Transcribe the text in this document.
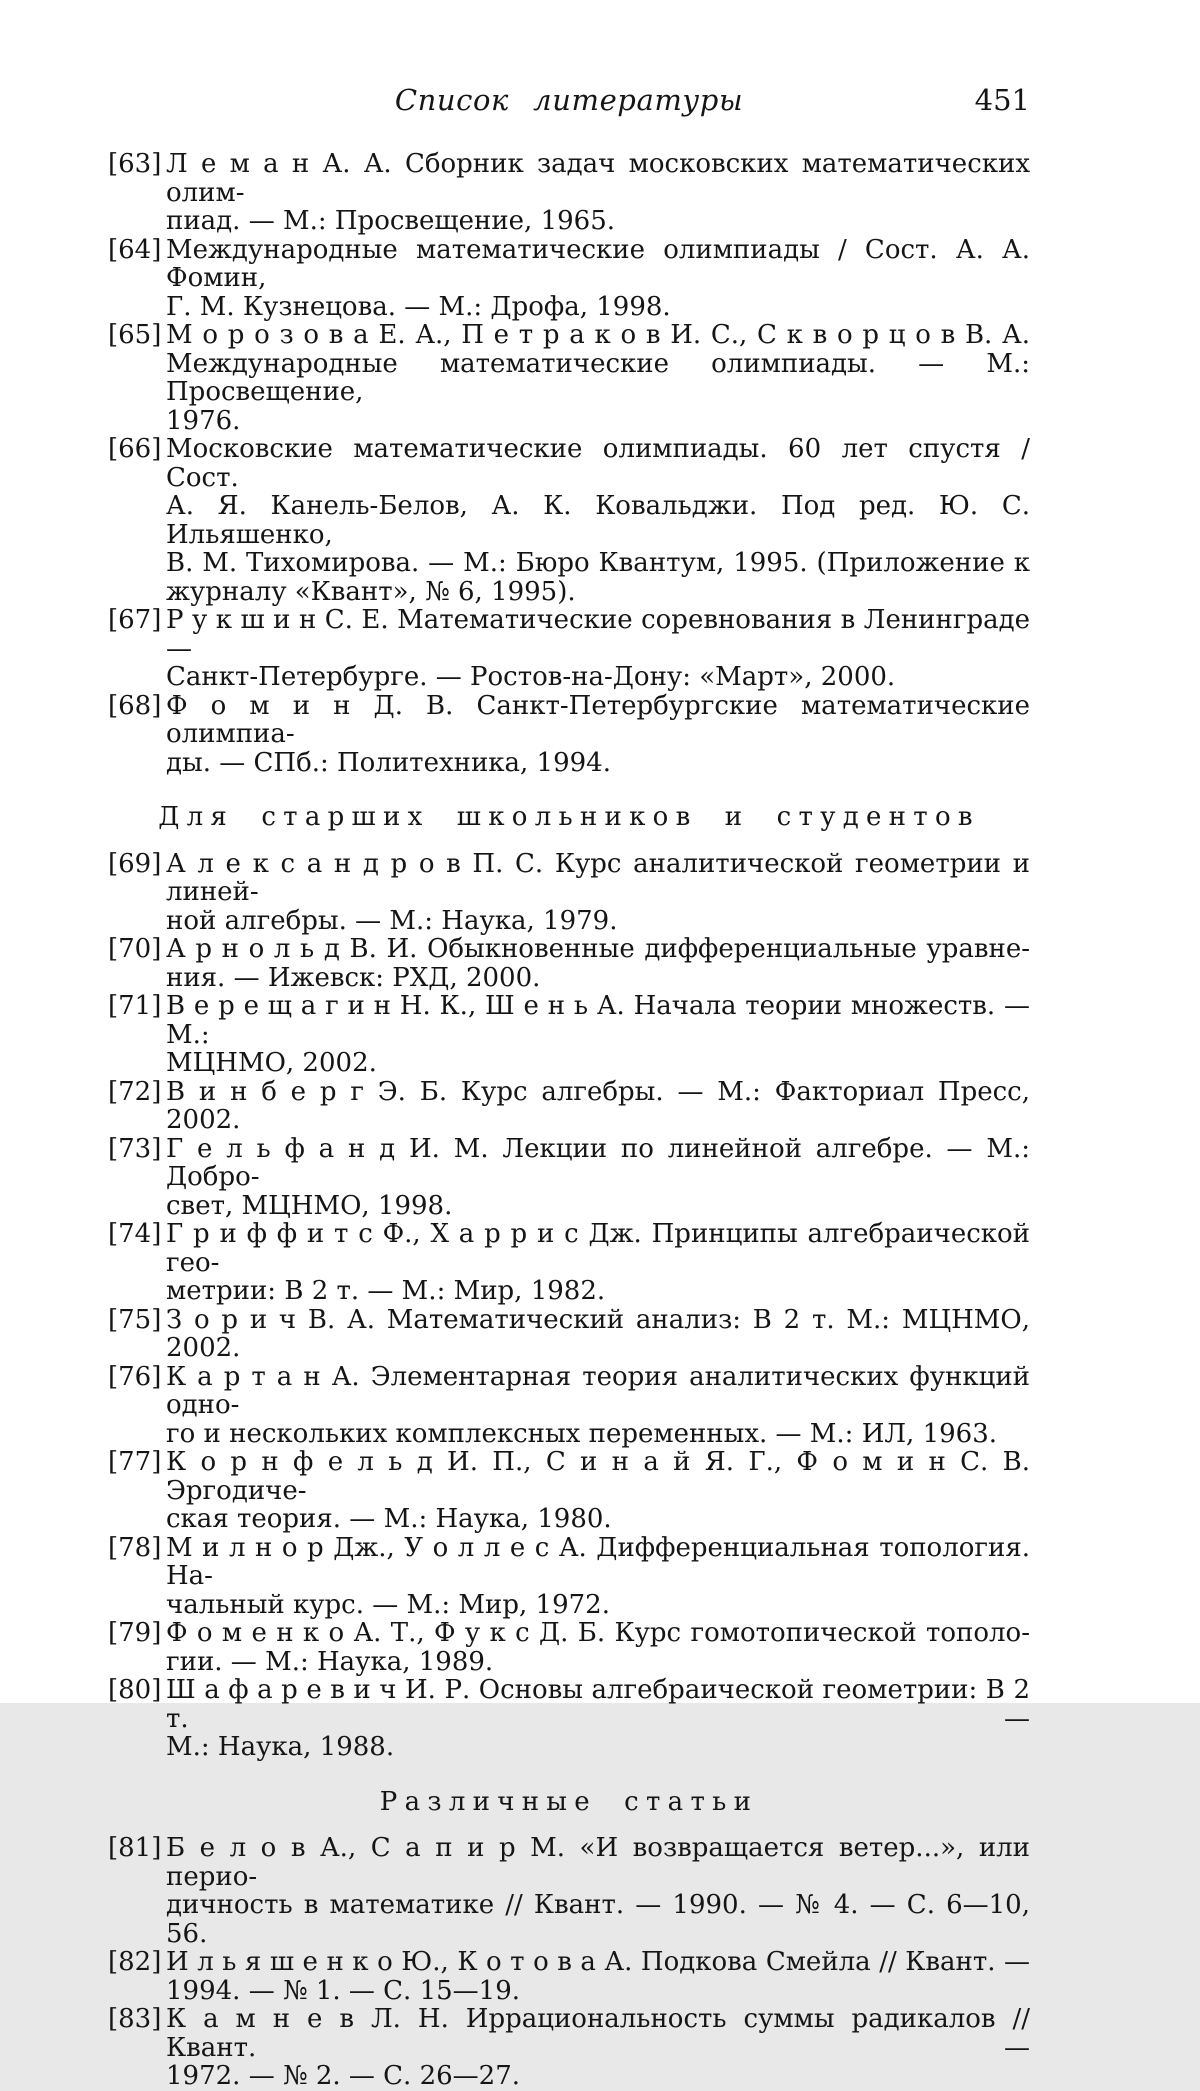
Список литературы	451
[63] Л е м а н А. А. Сборник задач московских математических олим-
пиад. — М.: Просвещение, 1965.
[64] Международные математические олимпиады / Сост. А. А. Фомин,
Г. М. Кузнецова. — М.: Дрофа, 1998.
[65] М о р о з о в а Е. А., П е т р а к о в И. С., С к в о р ц о в В. А.
Международные математические олимпиады. — М.: Просвещение,
1976.
[66] Московские математические олимпиады. 60 лет спустя / Сост.
А. Я. Канель-Белов, А. К. Ковальджи. Под ред. Ю. С. Ильяшенко,
В. М. Тихомирова. — М.: Бюро Квантум, 1995. (Приложение к
журналу «Квант», № 6, 1995).
[67] Р у к ш и н С. Е. Математические соревнования в Ленинграде —
Санкт-Петербурге. — Ростов-на-Дону: «Март», 2000.
[68] Ф о м и н Д. В. Санкт-Петербургские математические олимпиа-
ды. — СПб.: Политехника, 1994.
Для старших школьников и студентов
[69] А л е к с а н д р о в П. С. Курс аналитической геометрии и линей-
ной алгебры. — М.: Наука, 1979.
[70] А р н о л ь д В. И. Обыкновенные дифференциальные уравне-
ния. — Ижевск: РХД, 2000.
[71] В е р е щ а г и н Н. К., Ш е н ь А. Начала теории множеств. — М.:
МЦНМО, 2002.
[72] В и н б е р г Э. Б. Курс алгебры. — М.: Факториал Пресс, 2002.
[73] Г е л ь ф а н д И. М. Лекции по линейной алгебре. — М.: Добро-
свет, МЦНМО, 1998.
[74] Г р и ф ф и т с Ф., Х а р р и с Дж. Принципы алгебраической гео-
метрии: В 2 т. — М.: Мир, 1982.
[75] З о р и ч В. А. Математический анализ: В 2 т. М.: МЦНМО, 2002.
[76] К а р т а н А. Элементарная теория аналитических функций одно-
го и нескольких комплексных переменных. — М.: ИЛ, 1963.
[77] К о р н ф е л ь д И. П., С и н а й Я. Г., Ф о м и н С. В. Эргодиче-
ская теория. — М.: Наука, 1980.
[78] М и л н о р Дж., У о л л е с А. Дифференциальная топология. На-
чальный курс. — М.: Мир, 1972.
[79] Ф о м е н к о А. Т., Ф у к с Д. Б. Курс гомотопической тополо-
гии. — М.: Наука, 1989.
[80] Ш а ф а р е в и ч И. Р. Основы алгебраической геометрии: В 2 т. —
М.: Наука, 1988.
Различные статьи
[81] Б е л о в А., С а п и р М. «И возвращается ветер...», или перио-
дичность в математике // Квант. — 1990. — № 4. — С. 6—10, 56.
[82] И л ь я ш е н к о Ю., К о т о в а А. Подкова Смейла // Квант. —
1994. — № 1. — С. 15—19.
[83] К а м н е в Л. Н. Иррациональность суммы радикалов // Квант. —
1972. — № 2. — С. 26—27.
